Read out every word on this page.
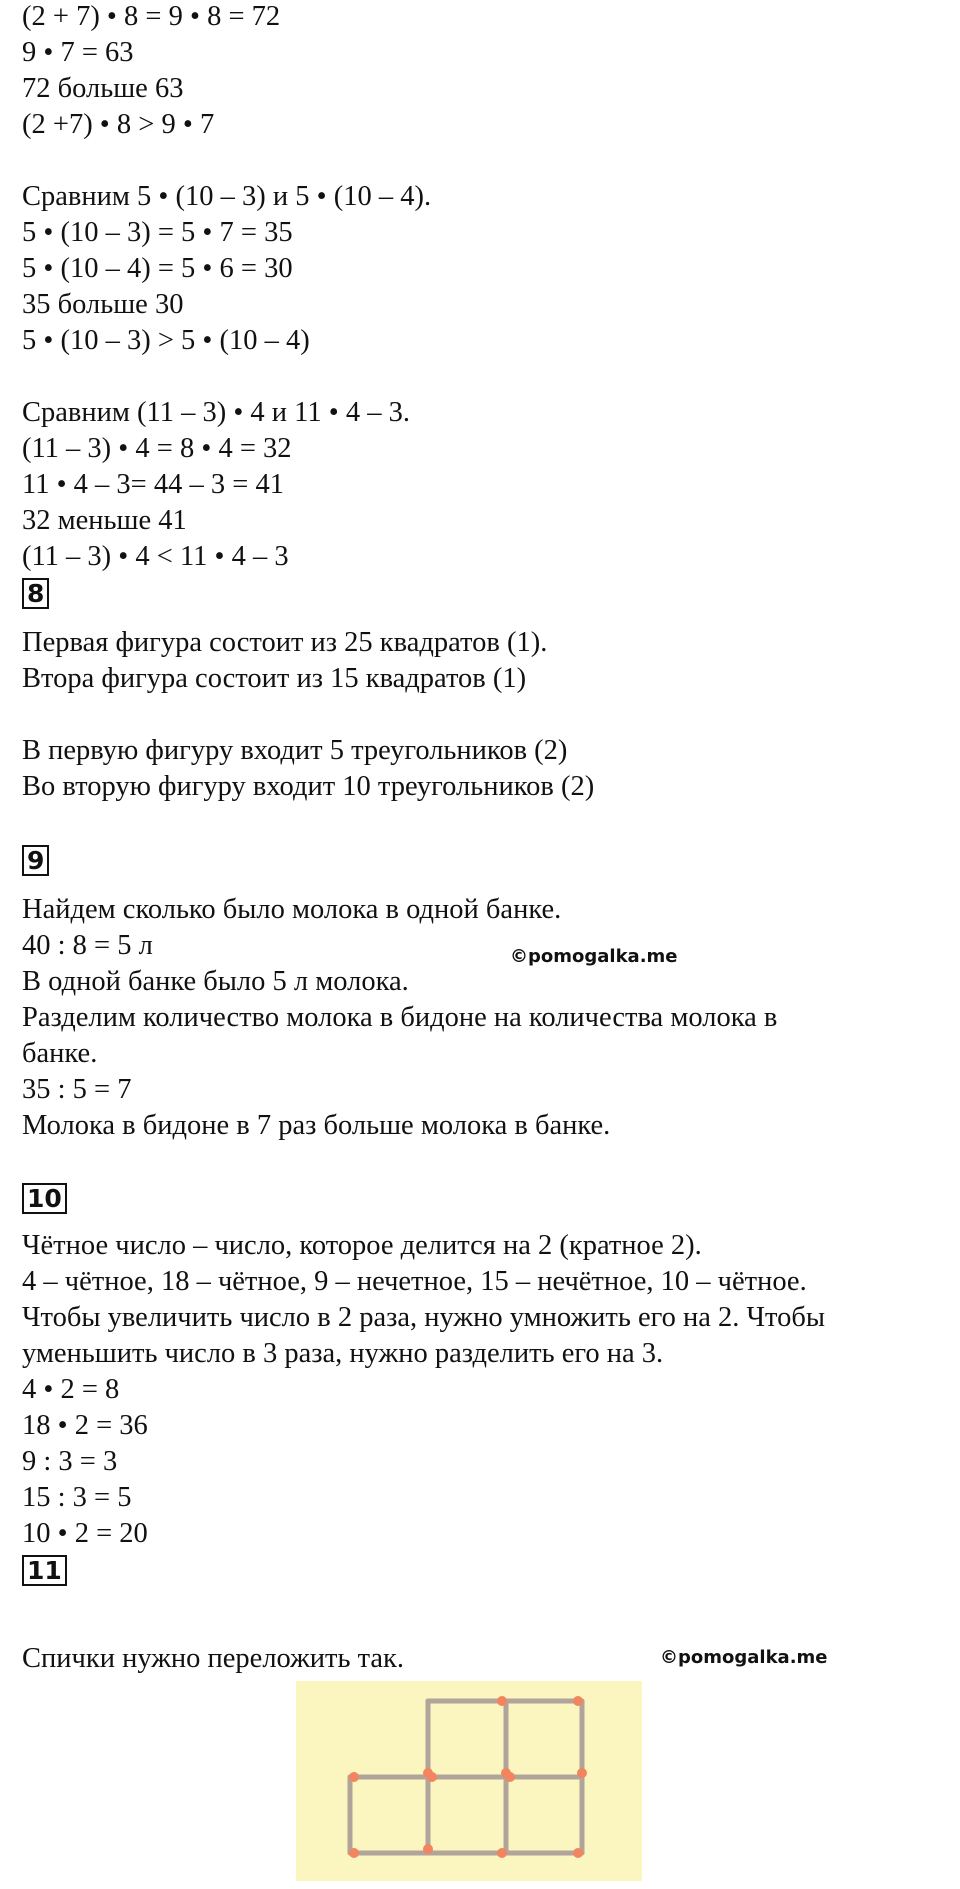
(2 + 7) • 8 = 9 • 8 = 72
9 • 7 = 63
72 больше 63
(2 +7) • 8 > 9 • 7
Сравним 5 • (10 – 3) и 5 • (10 – 4).
5 • (10 – 3) = 5 • 7 = 35
5 • (10 – 4) = 5 • 6 = 30
35 больше 30
5 • (10 – 3) > 5 • (10 – 4)
Сравним (11 – 3) • 4 и 11 • 4 – 3.
(11 – 3) • 4 = 8 • 4 = 32
11 • 4 – 3= 44 – 3 = 41
32 меньше 41
(11 – 3) • 4 < 11 • 4 – 3
8
Первая фигура состоит из 25 квадратов (1).
Втора фигура состоит из 15 квадратов (1)
В первую фигуру входит 5 треугольников (2)
Во вторую фигуру входит 10 треугольников (2)
9
Найдем сколько было молока в одной банке.
40 : 8 = 5 л
В одной банке было 5 л молока.
Разделим количество молока в бидоне на количества молока в
банке.
35 : 5 = 7
Молока в бидоне в 7 раз больше молока в банке.
©pomogalka.me
10
Чётное число – число, которое делится на 2 (кратное 2).
4 – чётное, 18 – чётное, 9 – нечетное, 15 – нечётное, 10 – чётное.
Чтобы увеличить число в 2 раза, нужно умножить его на 2. Чтобы
уменьшить число в 3 раза, нужно разделить его на 3.
4 • 2 = 8
18 • 2 = 36
9 : 3 = 3
15 : 3 = 5
10 • 2 = 20
11
Спички нужно переложить так.	©pomogalka.me
